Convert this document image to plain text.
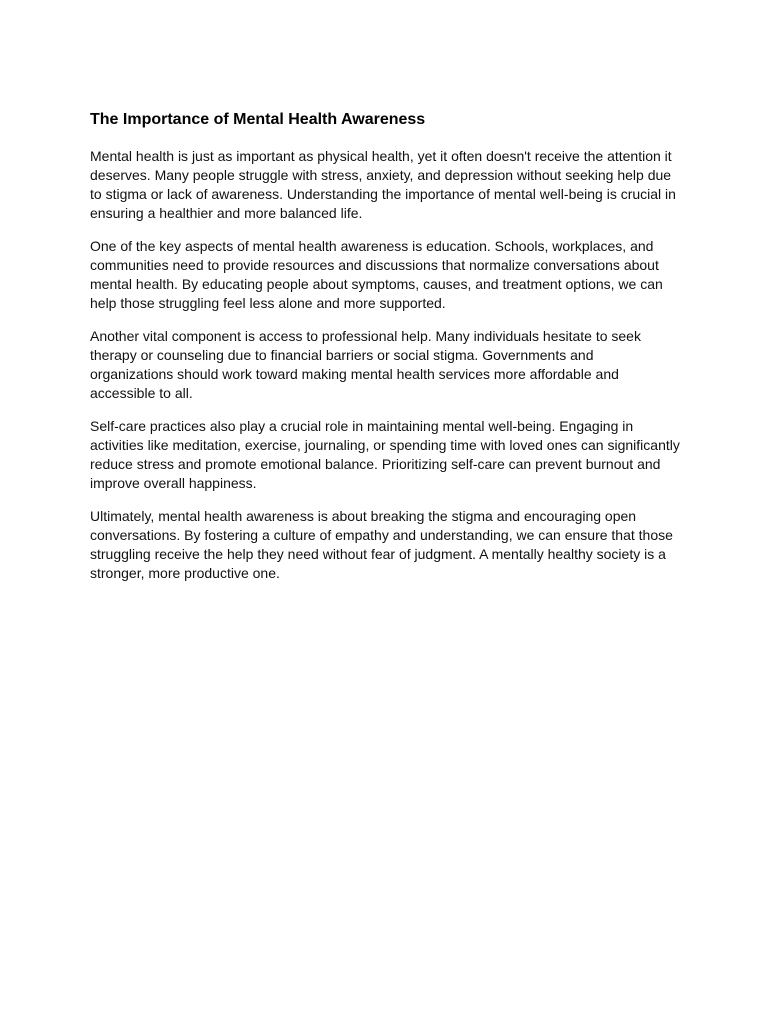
The Importance of Mental Health Awareness

Mental health is just as important as physical health, yet it often doesn't receive the attention it deserves. Many people struggle with stress, anxiety, and depression without seeking help due to stigma or lack of awareness. Understanding the importance of mental well-being is crucial in ensuring a healthier and more balanced life.

One of the key aspects of mental health awareness is education. Schools, workplaces, and communities need to provide resources and discussions that normalize conversations about mental health. By educating people about symptoms, causes, and treatment options, we can help those struggling feel less alone and more supported.

Another vital component is access to professional help. Many individuals hesitate to seek therapy or counseling due to financial barriers or social stigma. Governments and organizations should work toward making mental health services more affordable and accessible to all.

Self-care practices also play a crucial role in maintaining mental well-being. Engaging in activities like meditation, exercise, journaling, or spending time with loved ones can significantly reduce stress and promote emotional balance. Prioritizing self-care can prevent burnout and improve overall happiness.

Ultimately, mental health awareness is about breaking the stigma and encouraging open conversations. By fostering a culture of empathy and understanding, we can ensure that those struggling receive the help they need without fear of judgment. A mentally healthy society is a stronger, more productive one.
